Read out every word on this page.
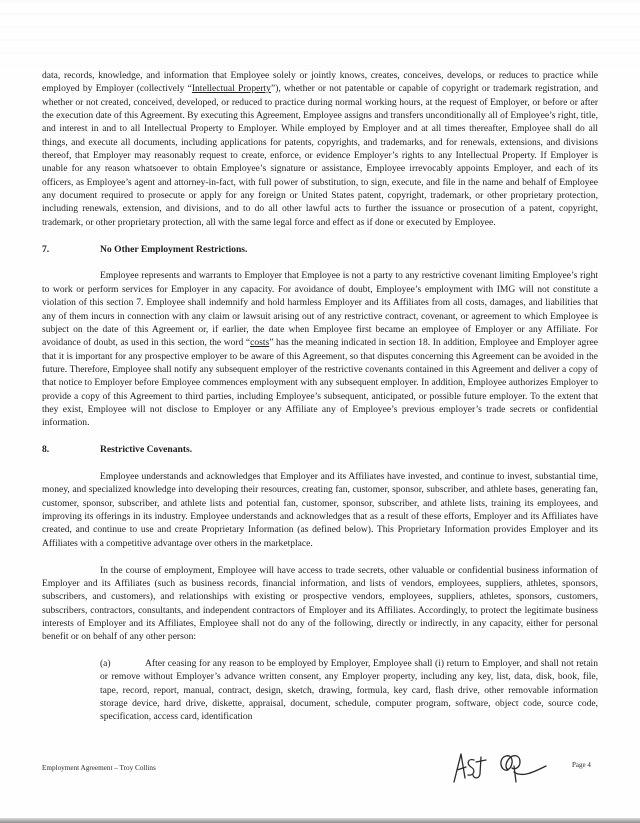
data, records, knowledge, and information that Employee solely or jointly knows, creates, conceives, develops, or reduces to practice while employed by Employer (collectively “Intellectual Property”), whether or not patentable or capable of copyright or trademark registration, and whether or not created, conceived, developed, or reduced to practice during normal working hours, at the request of Employer, or before or after the execution date of this Agreement. By executing this Agreement, Employee assigns and transfers unconditionally all of Employee’s right, title, and interest in and to all Intellectual Property to Employer. While employed by Employer and at all times thereafter, Employee shall do all things, and execute all documents, including applications for patents, copyrights, and trademarks, and for renewals, extensions, and divisions thereof, that Employer may reasonably request to create, enforce, or evidence Employer’s rights to any Intellectual Property. If Employer is unable for any reason whatsoever to obtain Employee’s signature or assistance, Employee irrevocably appoints Employer, and each of its officers, as Employee’s agent and attorney-in-fact, with full power of substitution, to sign, execute, and file in the name and behalf of Employee any document required to prosecute or apply for any foreign or United States patent, copyright, trademark, or other proprietary protection, including renewals, extension, and divisions, and to do all other lawful acts to further the issuance or prosecution of a patent, copyright, trademark, or other proprietary protection, all with the same legal force and effect as if done or executed by Employee.

7.	No Other Employment Restrictions.

Employee represents and warrants to Employer that Employee is not a party to any restrictive covenant limiting Employee’s right to work or perform services for Employer in any capacity. For avoidance of doubt, Employee’s employment with IMG will not constitute a violation of this section 7. Employee shall indemnify and hold harmless Employer and its Affiliates from all costs, damages, and liabilities that any of them incurs in connection with any claim or lawsuit arising out of any restrictive contract, covenant, or agreement to which Employee is subject on the date of this Agreement or, if earlier, the date when Employee first became an employee of Employer or any Affiliate. For avoidance of doubt, as used in this section, the word “costs” has the meaning indicated in section 18. In addition, Employee and Employer agree that it is important for any prospective employer to be aware of this Agreement, so that disputes concerning this Agreement can be avoided in the future. Therefore, Employee shall notify any subsequent employer of the restrictive covenants contained in this Agreement and deliver a copy of that notice to Employer before Employee commences employment with any subsequent employer. In addition, Employee authorizes Employer to provide a copy of this Agreement to third parties, including Employee’s subsequent, anticipated, or possible future employer. To the extent that they exist, Employee will not disclose to Employer or any Affiliate any of Employee’s previous employer’s trade secrets or confidential information.

8.	Restrictive Covenants.

Employee understands and acknowledges that Employer and its Affiliates have invested, and continue to invest, substantial time, money, and specialized knowledge into developing their resources, creating fan, customer, sponsor, subscriber, and athlete bases, generating fan, customer, sponsor, subscriber, and athlete lists and potential fan, customer, sponsor, subscriber, and athlete lists, training its employees, and improving its offerings in its industry. Employee understands and acknowledges that as a result of these efforts, Employer and its Affiliates have created, and continue to use and create Proprietary Information (as defined below). This Proprietary Information provides Employer and its Affiliates with a competitive advantage over others in the marketplace.

In the course of employment, Employee will have access to trade secrets, other valuable or confidential business information of Employer and its Affiliates (such as business records, financial information, and lists of vendors, employees, suppliers, athletes, sponsors, subscribers, and customers), and relationships with existing or prospective vendors, employees, suppliers, athletes, sponsors, customers, subscribers, contractors, consultants, and independent contractors of Employer and its Affiliates. Accordingly, to protect the legitimate business interests of Employer and its Affiliates, Employee shall not do any of the following, directly or indirectly, in any capacity, either for personal benefit or on behalf of any other person:

(a)	After ceasing for any reason to be employed by Employer, Employee shall (i) return to Employer, and shall not retain or remove without Employer’s advance written consent, any Employer property, including any key, list, data, disk, book, file, tape, record, report, manual, contract, design, sketch, drawing, formula, key card, flash drive, other removable information storage device, hard drive, diskette, appraisal, document, schedule, computer program, software, object code, source code, specification, access card, identification

Employment Agreement – Troy Collins	Page 4
